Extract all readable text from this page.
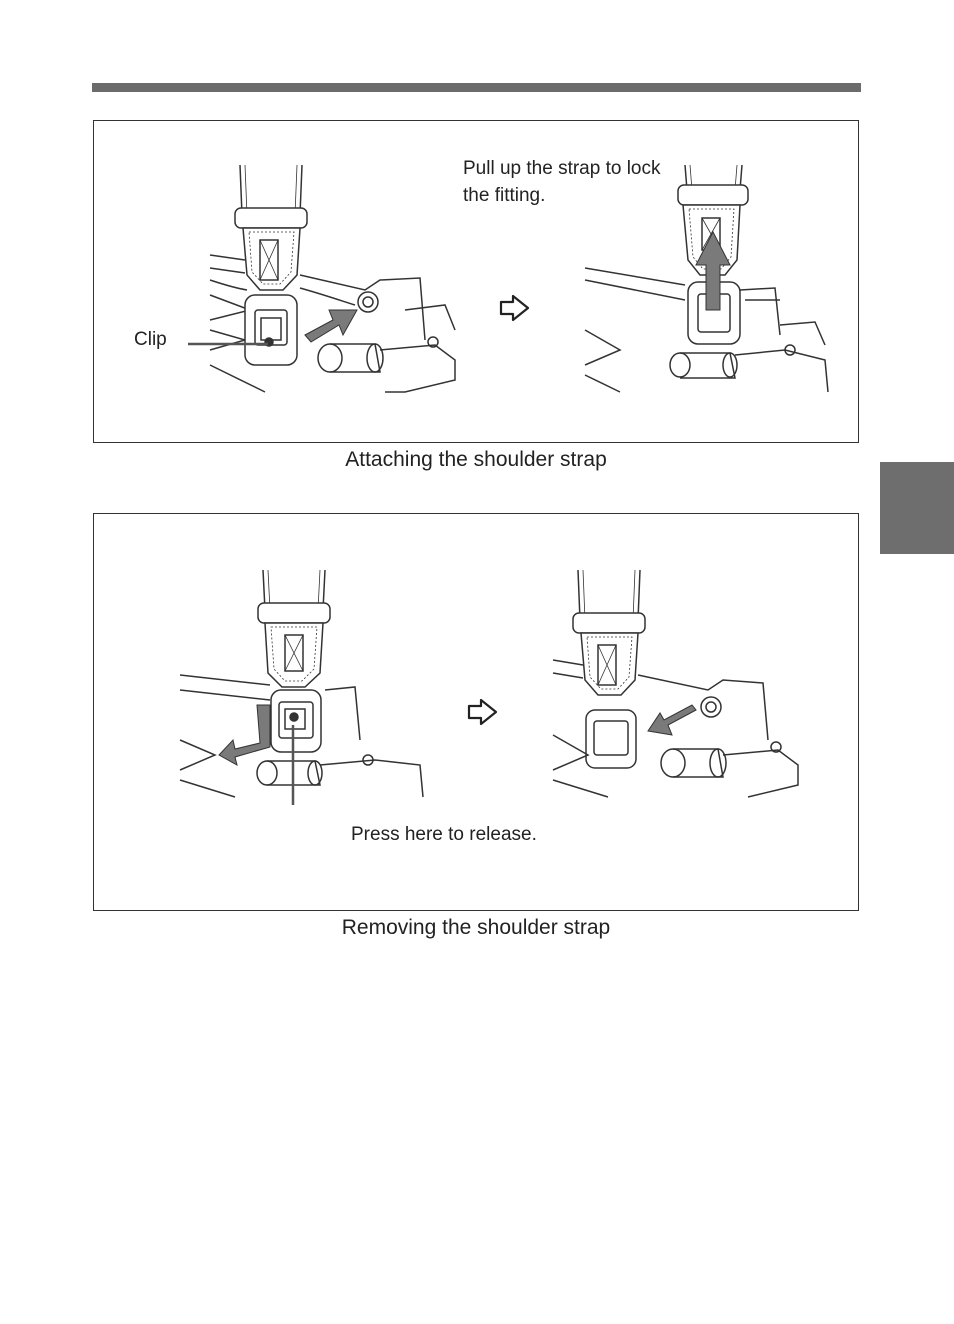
Pull up the strap to lock the fitting.
Clip
Attaching the shoulder strap
Press here to release.
Removing the shoulder strap
